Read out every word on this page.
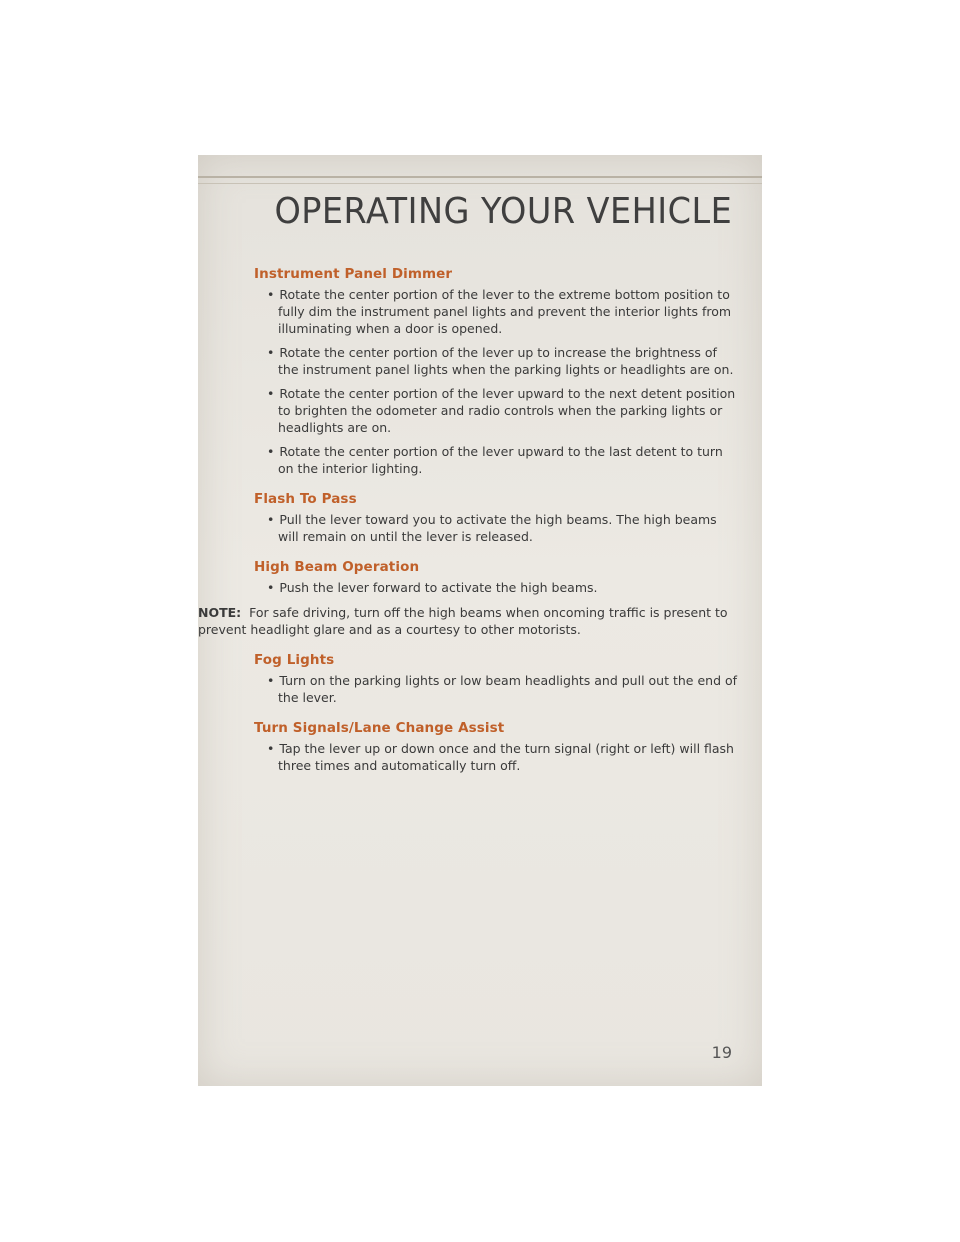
OPERATING YOUR VEHICLE
Instrument Panel Dimmer
• Rotate the center portion of the lever to the extreme bottom position to fully dim the instrument panel lights and prevent the interior lights from illuminating when a door is opened.
• Rotate the center portion of the lever up to increase the brightness of the instrument panel lights when the parking lights or headlights are on.
• Rotate the center portion of the lever upward to the next detent position to brighten the odometer and radio controls when the parking lights or headlights are on.
• Rotate the center portion of the lever upward to the last detent to turn on the interior lighting.
Flash To Pass
• Pull the lever toward you to activate the high beams. The high beams will remain on until the lever is released.
High Beam Operation
• Push the lever forward to activate the high beams.
NOTE: For safe driving, turn off the high beams when oncoming traffic is present to prevent headlight glare and as a courtesy to other motorists.
Fog Lights
• Turn on the parking lights or low beam headlights and pull out the end of the lever.
Turn Signals/Lane Change Assist
• Tap the lever up or down once and the turn signal (right or left) will flash three times and automatically turn off.
19
